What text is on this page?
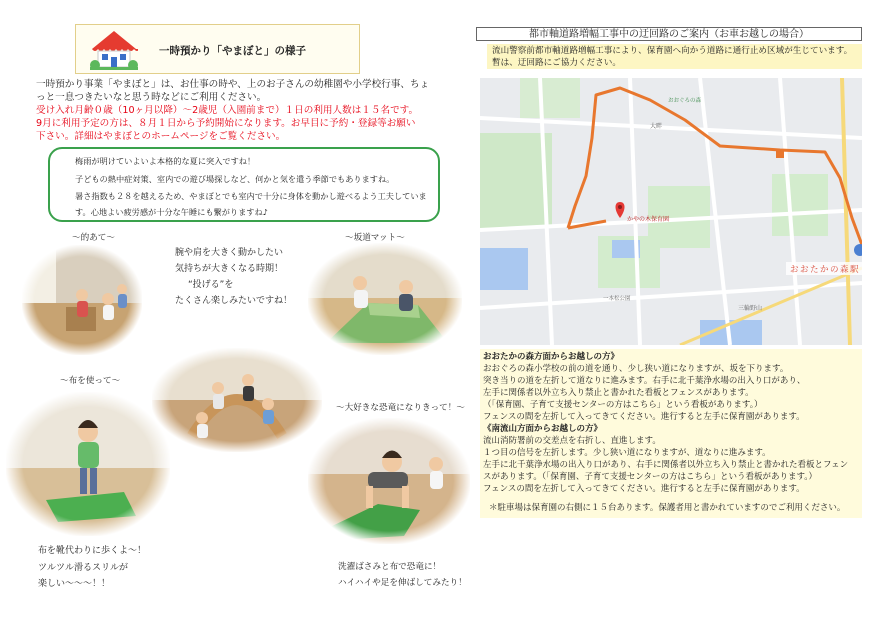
一時預かり「やまぼと」の様子
一時預かり事業「やまぼと」は、お仕事の時や、上のお子さんの幼稚園や小学校行事、ちょ
っと一息つきたいなと思う時などにご利用ください。
受け入れ月齢０歳（10ヶ月以降）～2歳児（入園前まで）１日の利用人数は１５名です。
9月に利用予定の方は、８月１日から予約開始になります。お早目に予約・登録等お願い
下さい。詳細はやまぼとのホームページをご覧ください。
梅雨が明けていよいよ本格的な夏に突入ですね！
子どもの熱中症対策、室内での遊び場探しなど、何かと気を遣う季節でもありますね。
暑さ指数も２８を越えるため、やまぼとでも室内で十分に身体を動かし遊べるよう工夫していま
す。心地よい疲労感が十分な午睡にも繋がりますね♪
～的あて～	～坂道マット～
～布を使って～
～大好きな恐竜になりきって！～
腕や肩を大きく動かしたい
気持ちが大きくなる時期！
“投げる”を
たくさん楽しみたいですね！
布を靴代わりに歩くよ～！
ツルツル滑るスリルが
楽しい～～～！！
洗濯ばさみと布で恐竜に！
ハイハイや足を伸ばしてみたり！
都市軸道路増幅工事中の迂回路のご案内（お車お越しの場合）
流山警察前都市軸道路増幅工事により、保育園へ向かう道路に通行止め区域が生じています。
暫は、迂回路にご協力ください。
かやの木保育園
おおぐろの森
大畔
一本松公園
三輪野山
おおたかの森駅
おおたかの森方面からお越しの方》
おおぐろの森小学校の前の道を通り、少し狭い道になりますが、坂を下ります。
突き当りの道を左折して道なりに進みます。右手に北千葉浄水場の出入り口があり、
左手に関係者以外立ち入り禁止と書かれた看板とフェンスがあります。
（「保育園、子育て支援センターの方はこちら」という看板があります。）
フェンスの間を左折して入ってきてください。進行すると左手に保育園があります。
《南流山方面からお越しの方》
流山消防署前の交差点を右折し、直進します。
１つ目の信号を左折します。少し狭い道になりますが、道なりに進みます。
左手に北千葉浄水場の出入り口があり、右手に関係者以外立ち入り禁止と書かれた看板とフェン
スがあります。（「保育園、子育て支援センターの方はこちら」という看板があります。）
フェンスの間を左折して入ってきてください。進行すると左手に保育園があります。
＊駐車場は保育園の右側に１５台あります。保護者用と書かれていますのでご利用ください。
